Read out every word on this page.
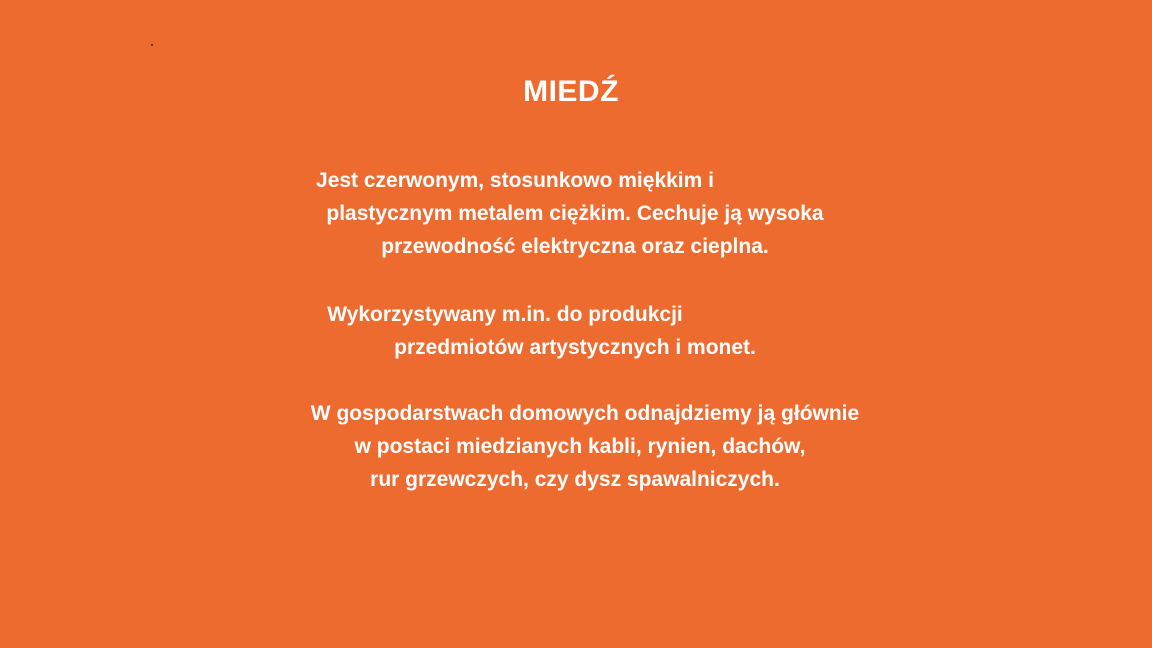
MIEDŹ
Jest czerwonym, stosunkowo miękkim i
plastycznym metalem ciężkim. Cechuje ją wysoka
przewodność elektryczna oraz cieplna.
Wykorzystywany m.in. do produkcji
przedmiotów artystycznych i monet.
W gospodarstwach domowych odnajdziemy ją głównie
w postaci miedzianych kabli, rynien, dachów,
rur grzewczych, czy dysz spawalniczych.
